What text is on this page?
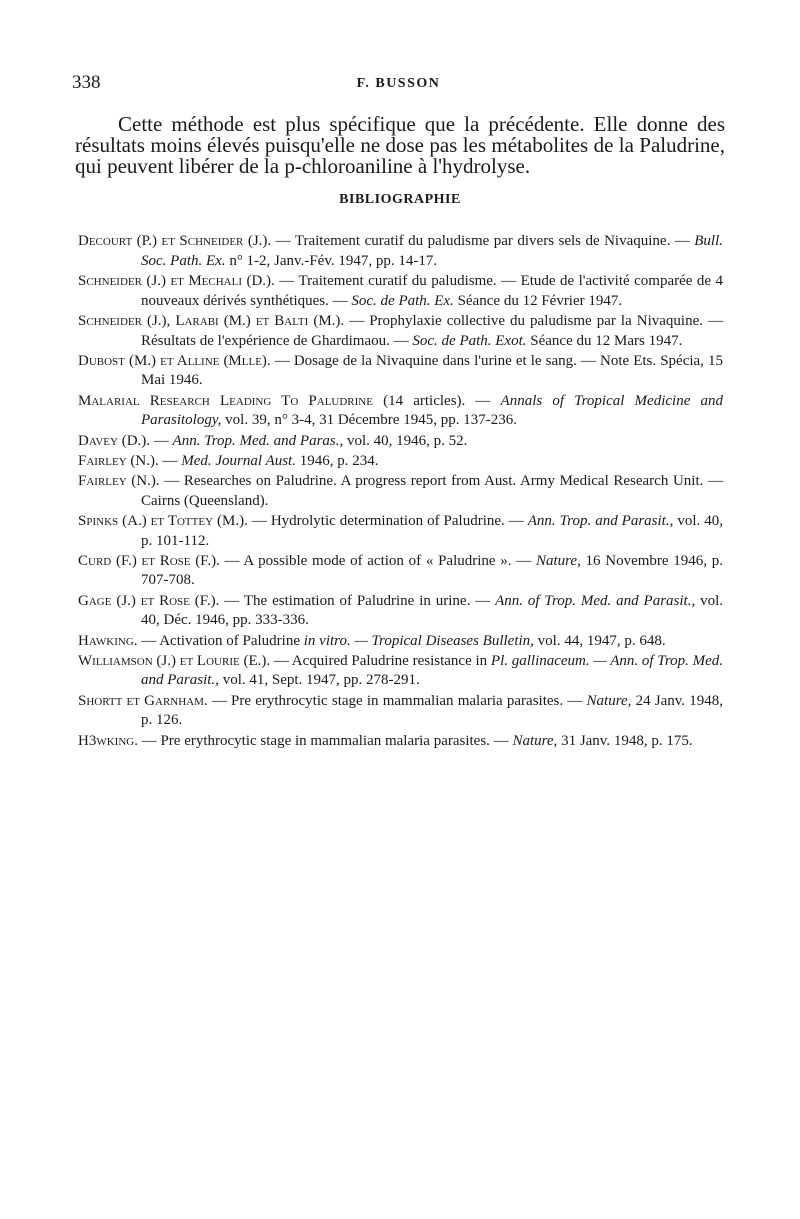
338	F. BUSSON

Cette méthode est plus spécifique que la précédente. Elle donne des résultats moins élevés puisqu'elle ne dose pas les métabolites de la Paludrine, qui peuvent libérer de la p-chloroaniline à l'hydrolyse.

BIBLIOGRAPHIE
Decourt (P.) et Schneider (J.). — Traitement curatif du paludisme par divers sels de Nivaquine. — Bull. Soc. Path. Ex. n° 1-2, Janv.-Fév. 1947, pp. 14-17.
Schneider (J.) et Mechali (D.). — Traitement curatif du paludisme. — Etude de l'activité comparée de 4 nouveaux dérivés synthétiques. — Soc. de Path. Ex. Séance du 12 Février 1947.
Schneider (J.), Larabi (M.) et Balti (M.). — Prophylaxie collective du paludisme par la Nivaquine. — Résultats de l'expérience de Ghardimaou. — Soc. de Path. Exot. Séance du 12 Mars 1947.
Dubost (M.) et Alline (Mlle). — Dosage de la Nivaquine dans l'urine et le sang. — Note Ets. Spécia, 15 Mai 1946.
Malarial Research Leading To Paludrine (14 articles). — Annals of Tropical Medicine and Parasitology, vol. 39, n° 3-4, 31 Décembre 1945, pp. 137-236.
Davey (D.). — Ann. Trop. Med. and Paras., vol. 40, 1946, p. 52.
Fairley (N.). — Med. Journal Aust. 1946, p. 234.
Fairley (N.). — Researches on Paludrine. A progress report from Aust. Army Medical Research Unit. — Cairns (Queensland).
Spinks (A.) et Tottey (M.). — Hydrolytic determination of Paludrine. — Ann. Trop. and Parasit., vol. 40, p. 101-112.
Curd (F.) et Rose (F.). — A possible mode of action of « Paludrine ». — Nature, 16 Novembre 1946, p. 707-708.
Gage (J.) et Rose (F.). — The estimation of Paludrine in urine. — Ann. of Trop. Med. and Parasit., vol. 40, Déc. 1946, pp. 333-336.
Hawking. — Activation of Paludrine in vitro. — Tropical Diseases Bulletin, vol. 44, 1947, p. 648.
Williamson (J.) et Lourie (E.). — Acquired Paludrine resistance in Pl. gallinaceum. — Ann. of Trop. Med. and Parasit., vol. 41, Sept. 1947, pp. 278-291.
Shortt et Garnham. — Pre erythrocytic stage in mammalian malaria parasites. — Nature, 24 Janv. 1948, p. 126.
H3wking. — Pre erythrocytic stage in mammalian malaria parasites. — Nature, 31 Janv. 1948, p. 175.
